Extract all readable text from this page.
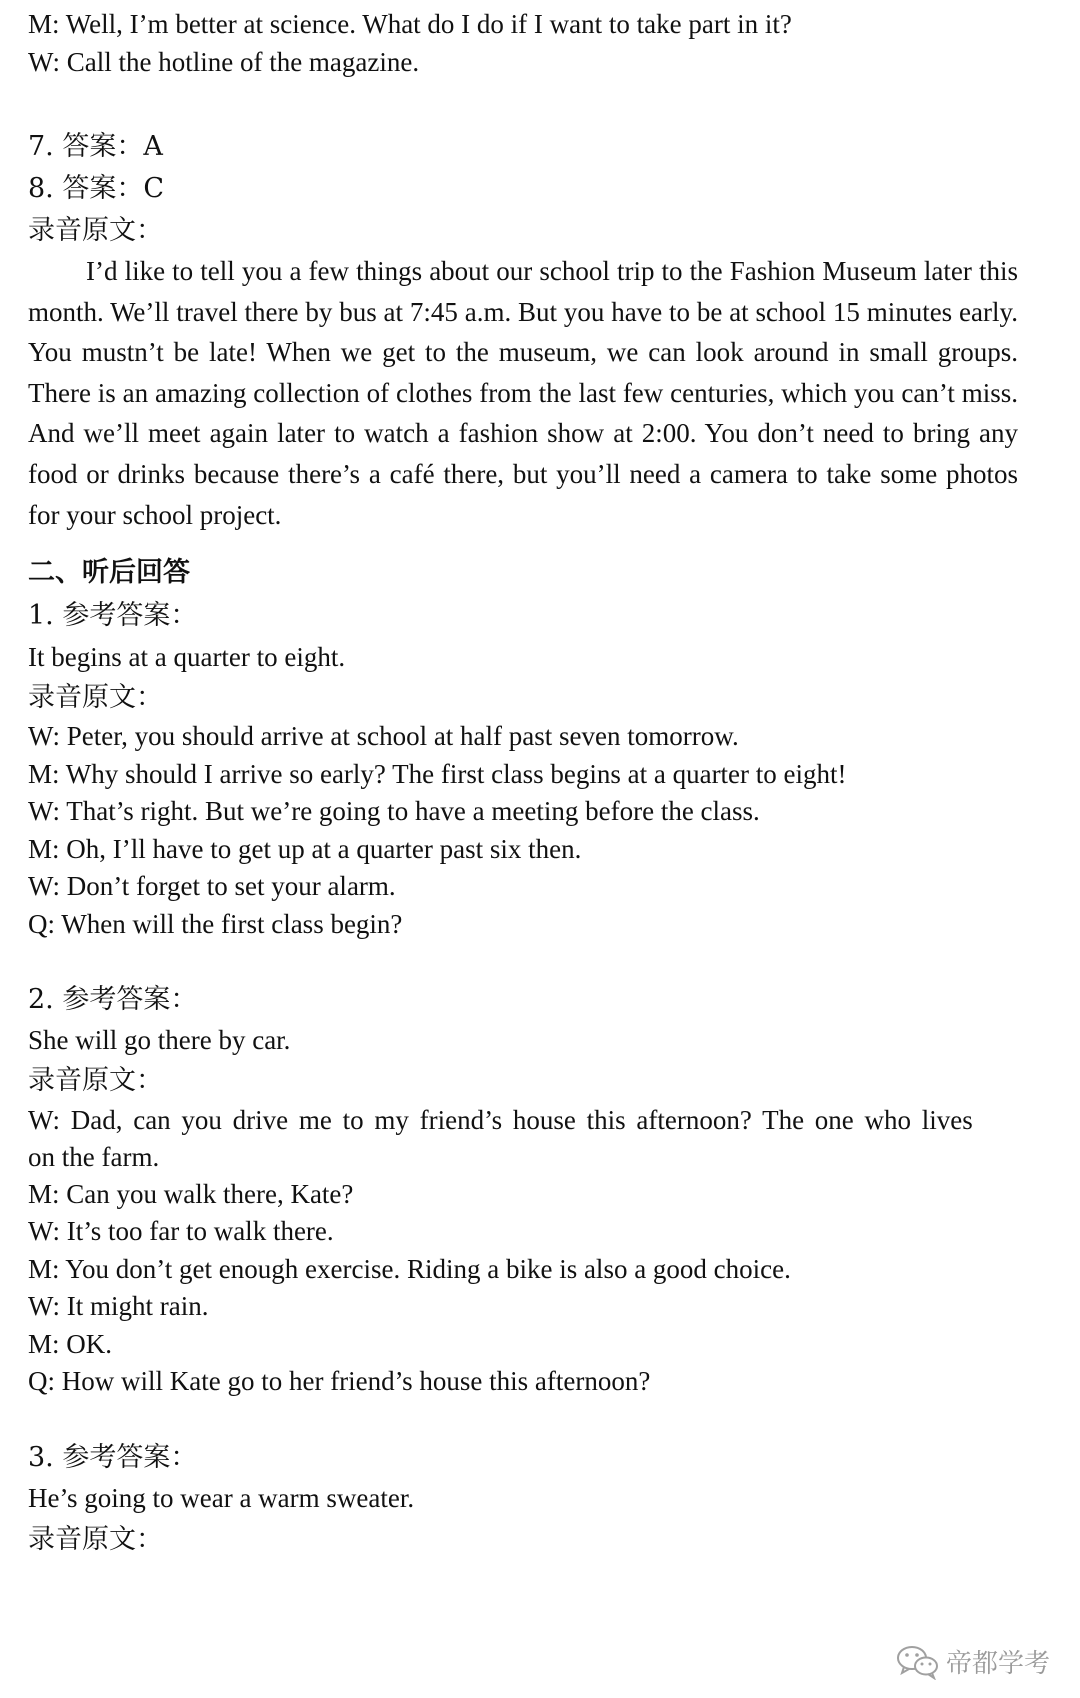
M: Well, I’m better at science. What do I do if I want to take part in it?
W: Call the hotline of the magazine.
7. 答案：A
8. 答案：C
录音原文：
I’d like to tell you a few things about our school trip to the Fashion Museum later this month. We’ll travel there by bus at 7:45 a.m. But you have to be at school 15 minutes early. You mustn’t be late! When we get to the museum, we can look around in small groups. There is an amazing collection of clothes from the last few centuries, which you can’t miss. And we’ll meet again later to watch a fashion show at 2:00. You don’t need to bring any food or drinks because there’s a café there, but you’ll need a camera to take some photos for your school project.
二、听后回答
1. 参考答案：
It begins at a quarter to eight.
录音原文：
W: Peter, you should arrive at school at half past seven tomorrow.
M: Why should I arrive so early? The first class begins at a quarter to eight!
W: That’s right. But we’re going to have a meeting before the class.
M: Oh, I’ll have to get up at a quarter past six then.
W: Don’t forget to set your alarm.
Q: When will the first class begin?
2. 参考答案：
She will go there by car.
录音原文：
W: Dad, can you drive me to my friend’s house this afternoon? The one who lives
on the farm.
M: Can you walk there, Kate?
W: It’s too far to walk there.
M: You don’t get enough exercise. Riding a bike is also a good choice.
W: It might rain.
M: OK.
Q: How will Kate go to her friend’s house this afternoon?
3. 参考答案：
He’s going to wear a warm sweater.
录音原文：
帝都学考
